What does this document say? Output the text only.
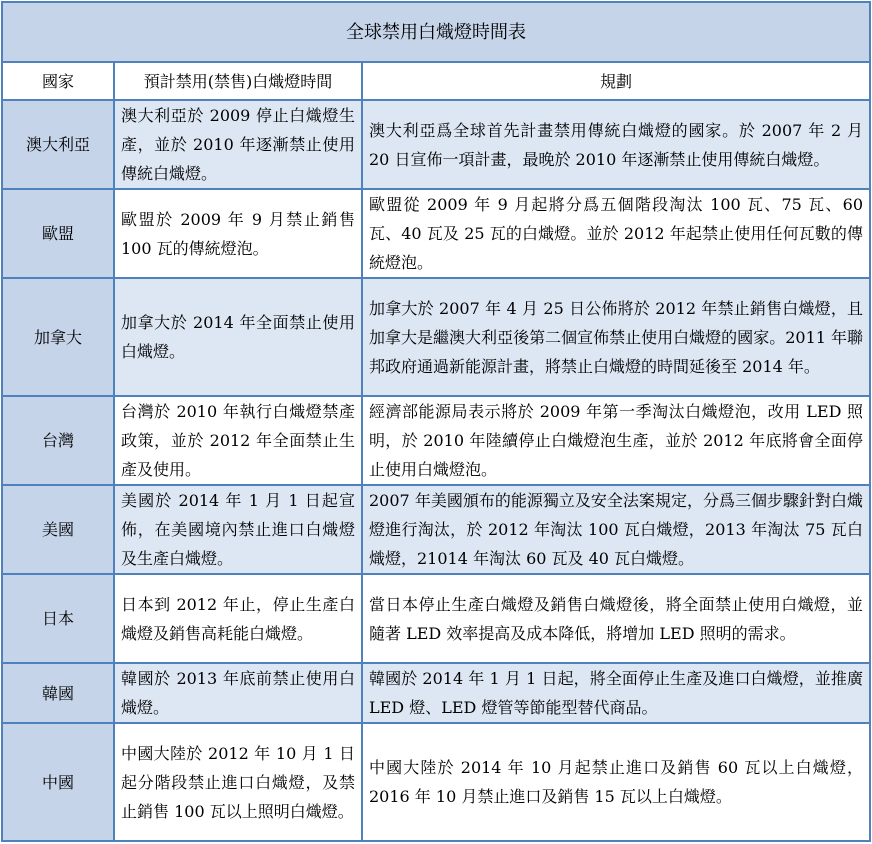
全球禁用白熾燈時間表		
國家	預計禁用(禁售)白熾燈時間	規劃
澳大利亞	澳大利亞於 2009 停止白熾燈生產，並於 2010 年逐漸禁止使用傳統白熾燈。	澳大利亞爲全球首先計畫禁用傳統白熾燈的國家。於 2007 年 2 月 20 日宣佈一項計畫，最晚於 2010 年逐漸禁止使用傳統白熾燈。
歐盟	歐盟於 2009 年 9 月禁止銷售 100 瓦的傳統燈泡。	歐盟從 2009 年 9 月起將分爲五個階段淘汰 100 瓦、75 瓦、60 瓦、40 瓦及 25 瓦的白熾燈。並於 2012 年起禁止使用任何瓦數的傳統燈泡。
加拿大	加拿大於 2014 年全面禁止使用白熾燈。	加拿大於 2007 年 4 月 25 日公佈將於 2012 年禁止銷售白熾燈，且加拿大是繼澳大利亞後第二個宣佈禁止使用白熾燈的國家。2011 年聯邦政府通過新能源計畫，將禁止白熾燈的時間延後至 2014 年。
台灣	台灣於 2010 年執行白熾燈禁產政策，並於 2012 年全面禁止生產及使用。	經濟部能源局表示將於 2009 年第一季淘汰白熾燈泡，改用 LED 照明，於 2010 年陸續停止白熾燈泡生產，並於 2012 年底將會全面停止使用白熾燈泡。
美國	美國於 2014 年 1 月 1 日起宣佈，在美國境內禁止進口白熾燈及生產白熾燈。	2007 年美國頒布的能源獨立及安全法案規定，分爲三個步驟針對白熾燈進行淘汰，於 2012 年淘汰 100 瓦白熾燈，2013 年淘汰 75 瓦白熾燈，21014 年淘汰 60 瓦及 40 瓦白熾燈。
日本	日本到 2012 年止，停止生產白熾燈及銷售高耗能白熾燈。	當日本停止生產白熾燈及銷售白熾燈後，將全面禁止使用白熾燈，並隨著 LED 效率提高及成本降低，將增加 LED 照明的需求。
韓國	韓國於 2013 年底前禁止使用白熾燈。	韓國於 2014 年 1 月 1 日起，將全面停止生產及進口白熾燈，並推廣 LED 燈、LED 燈管等節能型替代商品。
中國	中國大陸於 2012 年 10 月 1 日起分階段禁止進口白熾燈，及禁止銷售 100 瓦以上照明白熾燈。	中國大陸於 2014 年 10 月起禁止進口及銷售 60 瓦以上白熾燈，2016 年 10 月禁止進口及銷售 15 瓦以上白熾燈。
